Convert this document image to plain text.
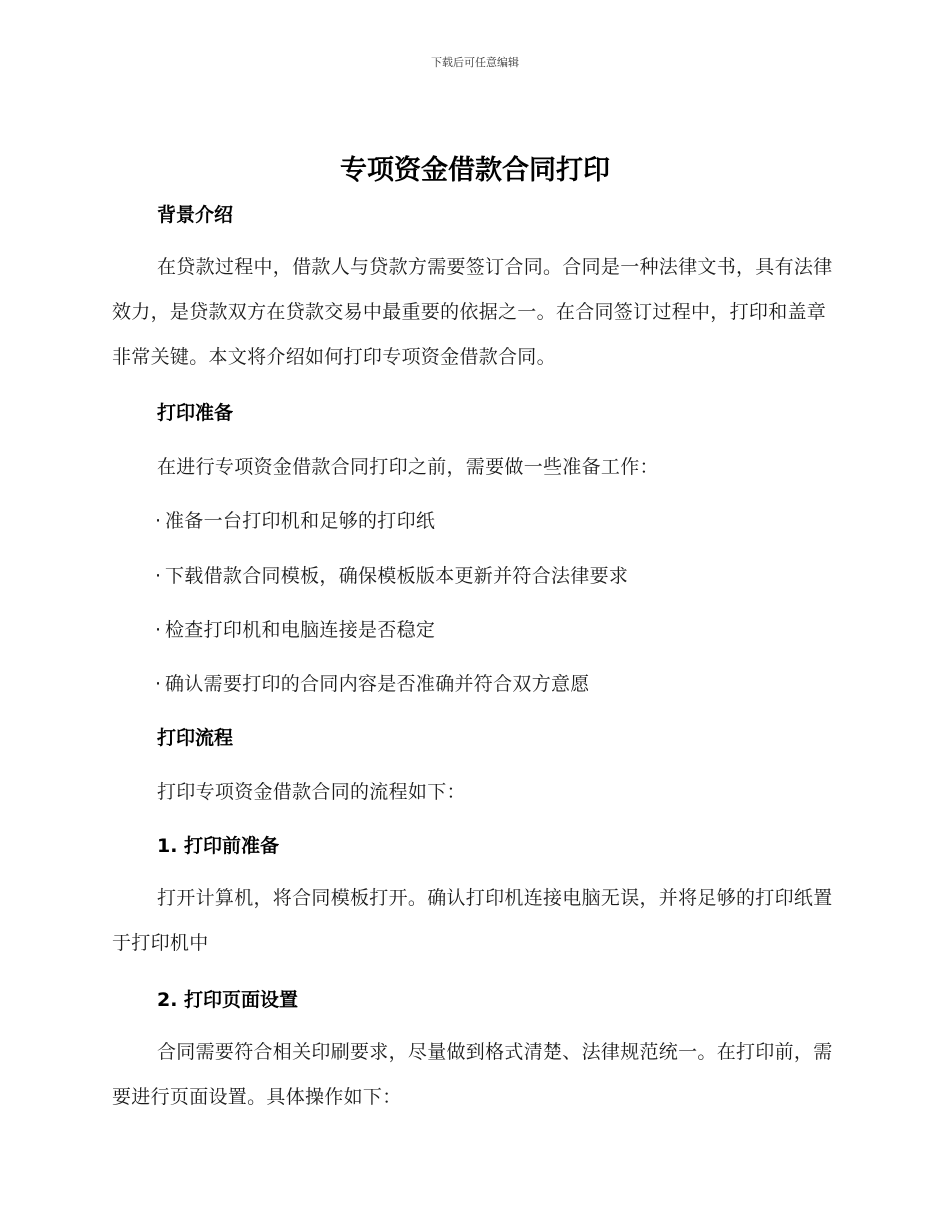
下载后可任意编辑
专项资金借款合同打印
背景介绍
在贷款过程中，借款人与贷款方需要签订合同。合同是一种法律文书，具有法律效力，是贷款双方在贷款交易中最重要的依据之一。在合同签订过程中，打印和盖章非常关键。本文将介绍如何打印专项资金借款合同。
打印准备
在进行专项资金借款合同打印之前，需要做一些准备工作：
· 准备一台打印机和足够的打印纸
· 下载借款合同模板，确保模板版本更新并符合法律要求
· 检查打印机和电脑连接是否稳定
· 确认需要打印的合同内容是否准确并符合双方意愿
打印流程
打印专项资金借款合同的流程如下：
1. 打印前准备
打开计算机，将合同模板打开。确认打印机连接电脑无误，并将足够的打印纸置于打印机中
2. 打印页面设置
合同需要符合相关印刷要求，尽量做到格式清楚、法律规范统一。在打印前，需要进行页面设置。具体操作如下：
